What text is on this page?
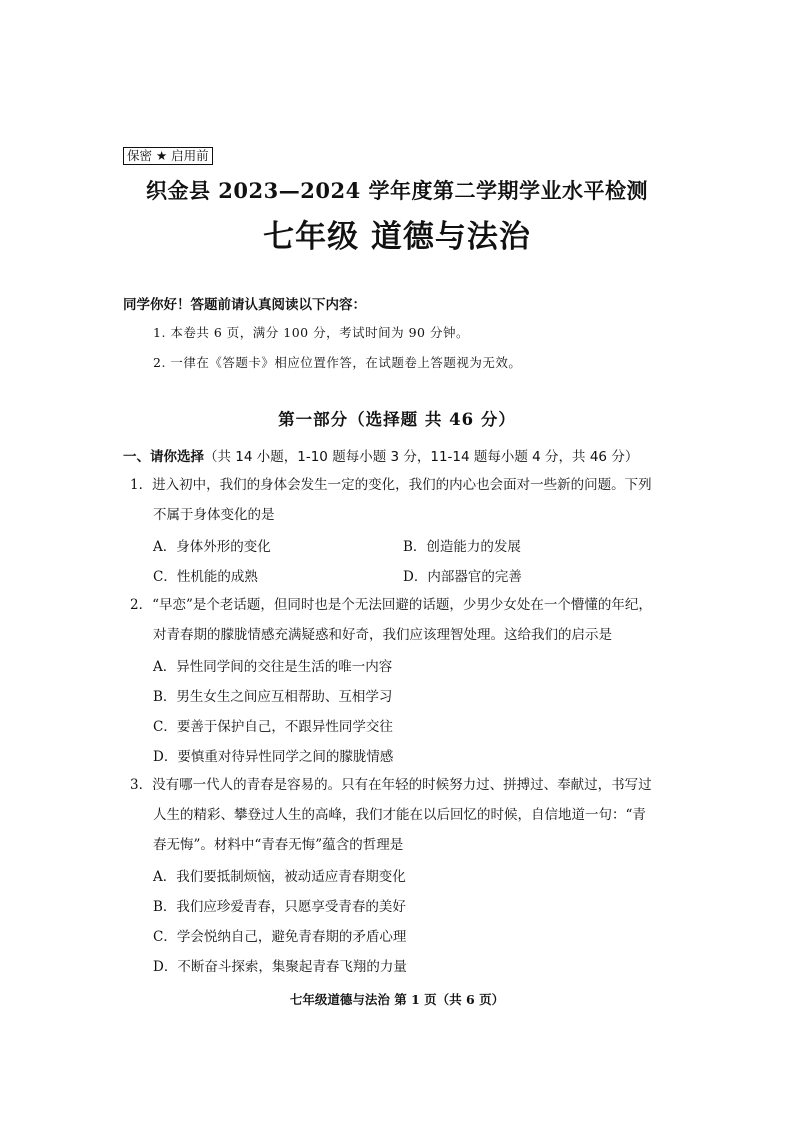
保密 ★ 启用前
织金县 2023—2024 学年度第二学期学业水平检测
七年级 道德与法治
同学你好！答题前请认真阅读以下内容：
1. 本卷共 6 页，满分 100 分，考试时间为 90 分钟。
2. 一律在《答题卡》相应位置作答，在试题卷上答题视为无效。
第一部分（选择题 共 46 分）
一、请你选择（共 14 小题，1-10 题每小题 3 分，11-14 题每小题 4 分，共 46 分）
1．进入初中，我们的身体会发生一定的变化，我们的内心也会面对一些新的问题。下列
不属于身体变化的是
A．身体外形的变化	B．创造能力的发展
C．性机能的成熟	D．内部器官的完善
2．“早恋”是个老话题，但同时也是个无法回避的话题，少男少女处在一个懵懂的年纪，
对青春期的朦胧情感充满疑惑和好奇，我们应该理智处理。这给我们的启示是
A．异性同学间的交往是生活的唯一内容
B．男生女生之间应互相帮助、互相学习
C．要善于保护自己，不跟异性同学交往
D．要慎重对待异性同学之间的朦胧情感
3．没有哪一代人的青春是容易的。只有在年轻的时候努力过、拼搏过、奉献过，书写过
人生的精彩、攀登过人生的高峰，我们才能在以后回忆的时候，自信地道一句：“青
春无悔”。材料中“青春无悔”蕴含的哲理是
A．我们要抵制烦恼，被动适应青春期变化
B．我们应珍爱青春，只愿享受青春的美好
C．学会悦纳自己，避免青春期的矛盾心理
D．不断奋斗探索，集聚起青春飞翔的力量
七年级道德与法治 第 1 页（共 6 页）
